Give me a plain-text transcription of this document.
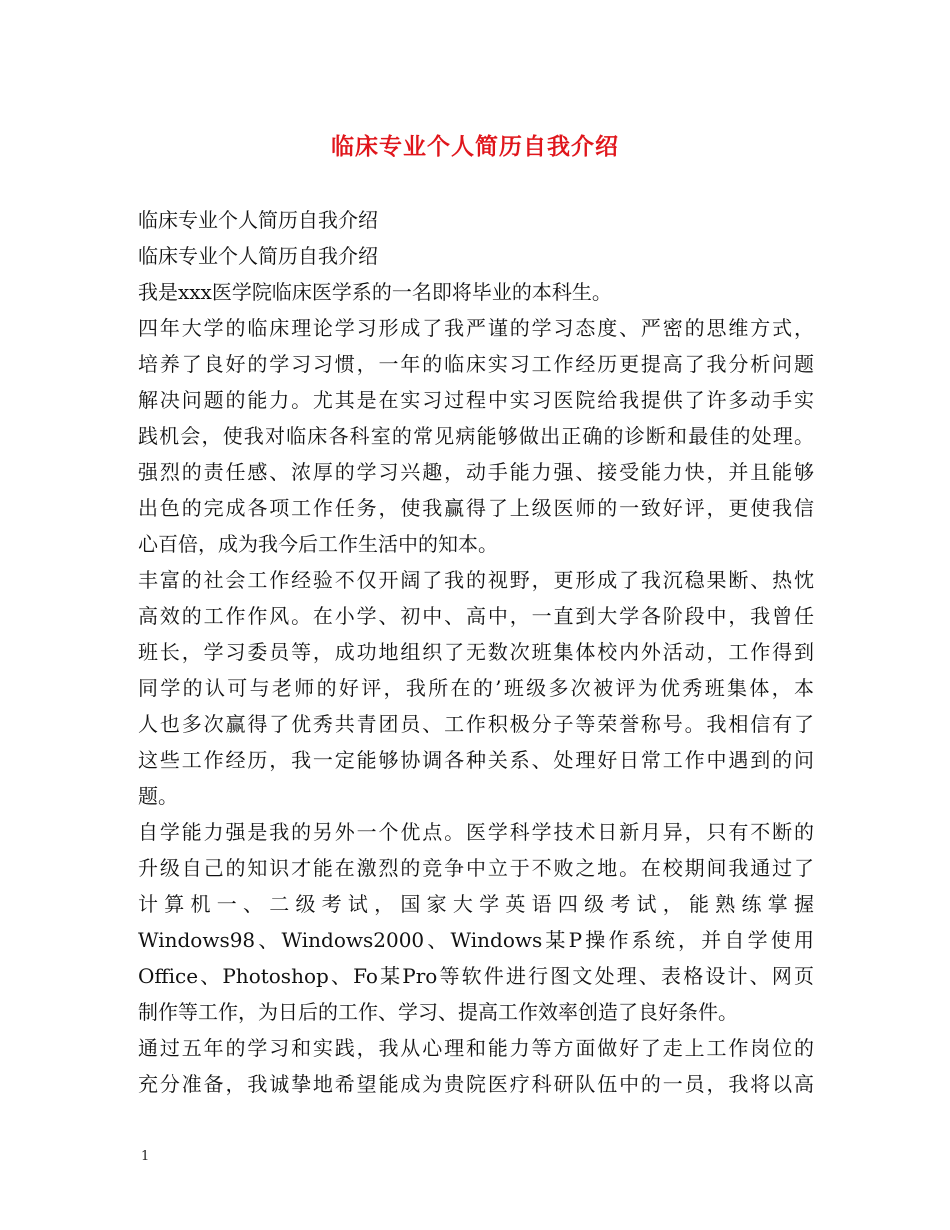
临床专业个人简历自我介绍
临床专业个人简历自我介绍
临床专业个人简历自我介绍
我是xxx医学院临床医学系的一名即将毕业的本科生。
四年大学的临床理论学习形成了我严谨的学习态度、严密的思维方式，
培养了良好的学习习惯，一年的临床实习工作经历更提高了我分析问题
解决问题的能力。尤其是在实习过程中实习医院给我提供了许多动手实
践机会，使我对临床各科室的常见病能够做出正确的诊断和最佳的处理。
强烈的责任感、浓厚的学习兴趣，动手能力强、接受能力快，并且能够
出色的完成各项工作任务，使我赢得了上级医师的一致好评，更使我信
心百倍，成为我今后工作生活中的知本。
丰富的社会工作经验不仅开阔了我的视野，更形成了我沉稳果断、热忱
高效的工作作风。在小学、初中、高中，一直到大学各阶段中，我曾任
班长，学习委员等，成功地组织了无数次班集体校内外活动，工作得到
同学的认可与老师的好评，我所在的’班级多次被评为优秀班集体，本
人也多次赢得了优秀共青团员、工作积极分子等荣誉称号。我相信有了
这些工作经历，我一定能够协调各种关系、处理好日常工作中遇到的问
题。
自学能力强是我的另外一个优点。医学科学技术日新月异，只有不断的
升级自己的知识才能在激烈的竞争中立于不败之地。在校期间我通过了
计算机一、二级考试，国家大学英语四级考试，能熟练掌握
Windows98、Windows2000、Windows某P操作系统，并自学使用
Office、Photoshop、Fo某Pro等软件进行图文处理、表格设计、网页
制作等工作，为日后的工作、学习、提高工作效率创造了良好条件。
通过五年的学习和实践，我从心理和能力等方面做好了走上工作岗位的
充分准备，我诚挚地希望能成为贵院医疗科研队伍中的一员，我将以高
1
